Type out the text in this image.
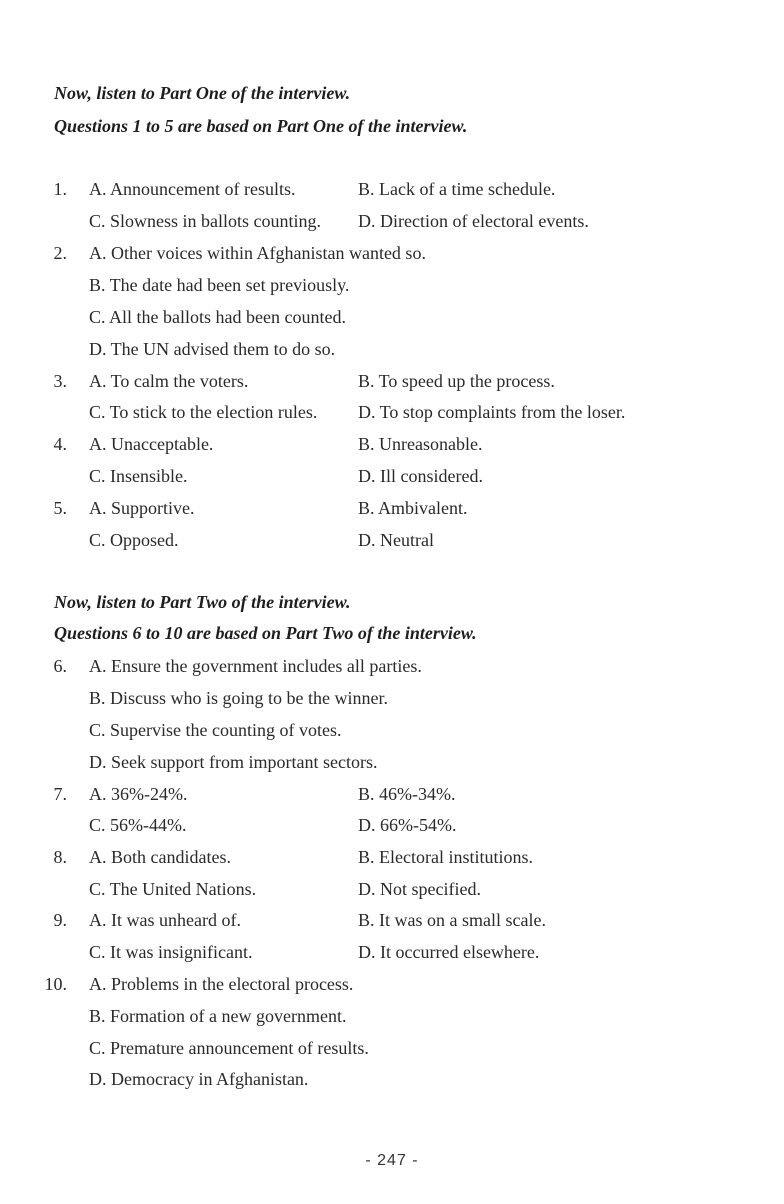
Now, listen to Part One of the interview.
Questions 1 to 5 are based on Part One of the interview.
1. A. Announcement of results.	B. Lack of a time schedule.
C. Slowness in ballots counting. D. Direction of electoral events.
2. A. Other voices within Afghanistan wanted so.
B. The date had been set previously.
C. All the ballots had been counted.
D. The UN advised them to do so.
3. A. To calm the voters.	B. To speed up the process.
C. To stick to the election rules. D. To stop complaints from the loser.
4. A. Unacceptable.	B. Unreasonable.
C. Insensible.	D. Ill considered.
5. A. Supportive.	B. Ambivalent.
C. Opposed.	D. Neutral
Now, listen to Part Two of the interview.
Questions 6 to 10 are based on Part Two of the interview.
6. A. Ensure the government includes all parties.
B. Discuss who is going to be the winner.
C. Supervise the counting of votes.
D. Seek support from important sectors.
7. A. 36%-24%.	B. 46%-34%.
C. 56%-44%.	D. 66%-54%.
8. A. Both candidates.	B. Electoral institutions.
C. The United Nations.	D. Not specified.
9. A. It was unheard of.	B. It was on a small scale.
C. It was insignificant.	D. It occurred elsewhere.
10. A. Problems in the electoral process.
B. Formation of a new government.
C. Premature announcement of results.
D. Democracy in Afghanistan.
- 247 -
